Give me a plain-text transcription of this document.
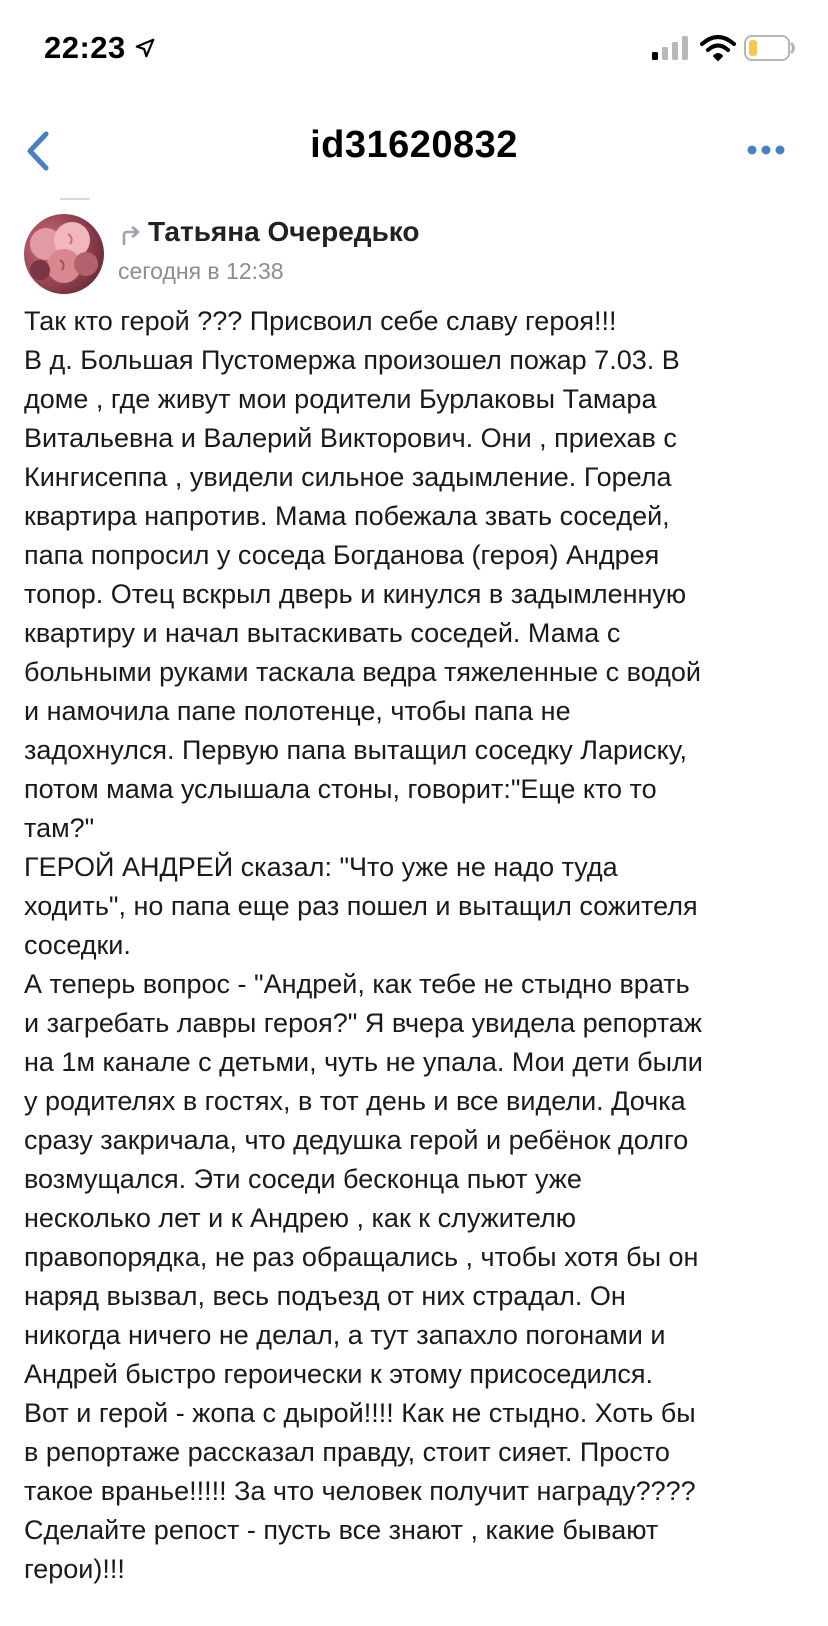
22:23
id31620832
Татьяна Очередько
сегодня в 12:38
Так кто герой ??? Присвоил себе славу героя!!!
В д. Большая Пустомержа произошел пожар 7.03. В
доме , где живут мои родители Бурлаковы Тамара
Витальевна и Валерий Викторович. Они , приехав с
Кингисеппа , увидели сильное задымление. Горела
квартира напротив. Мама побежала звать соседей,
папа попросил у соседа Богданова (героя) Андрея
топор. Отец вскрыл дверь и кинулся в задымленную
квартиру и начал вытаскивать соседей. Мама с
больными руками таскала ведра тяжеленные с водой
и намочила папе полотенце, чтобы папа не
задохнулся. Первую папа вытащил соседку Лариску,
потом мама услышала стоны, говорит:"Еще кто то
там?"
ГЕРОЙ АНДРЕЙ сказал: "Что уже не надо туда
ходить", но папа еще раз пошел и вытащил сожителя
соседки.
А теперь вопрос - "Андрей, как тебе не стыдно врать
и загребать лавры героя?" Я вчера увидела репортаж
на 1м канале с детьми, чуть не упала. Мои дети были
у родителях в гостях, в тот день и все видели. Дочка
сразу закричала, что дедушка герой и ребёнок долго
возмущался. Эти соседи бесконца пьют уже
несколько лет и к Андрею , как к служителю
правопорядка, не раз обращались , чтобы хотя бы он
наряд вызвал, весь подъезд от них страдал. Он
никогда ничего не делал, а тут запахло погонами и
Андрей быстро героически к этому присоседился.
Вот и герой - жопа с дырой!!!! Как не стыдно. Хоть бы
в репортаже рассказал правду, стоит сияет. Просто
такое вранье!!!!! За что человек получит награду????
Сделайте репост - пусть все знают , какие бывают
герои)!!!
